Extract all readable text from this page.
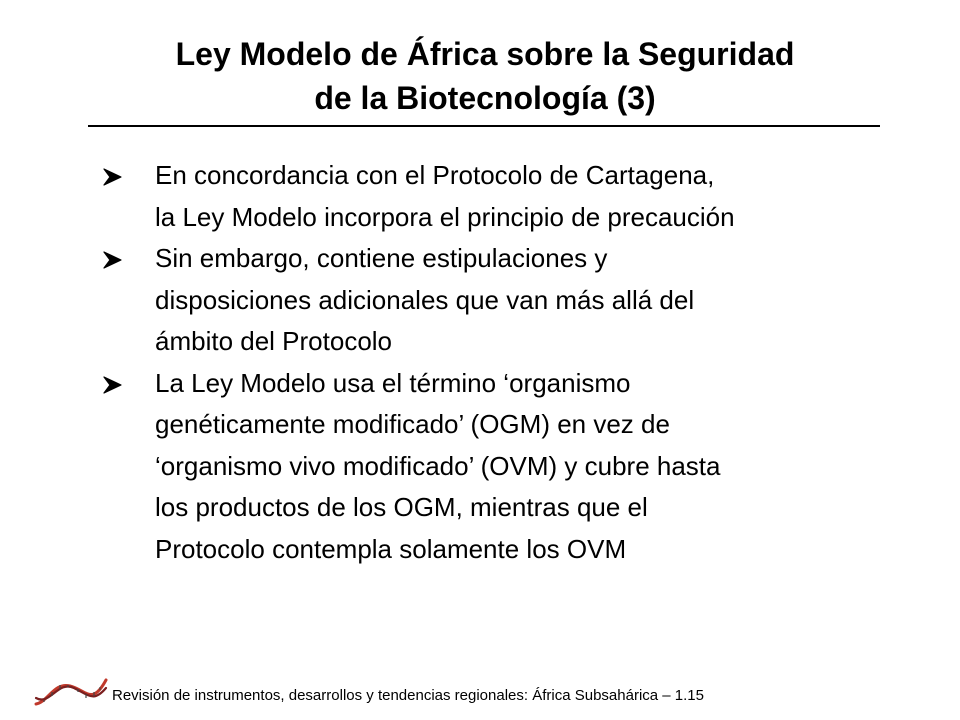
Ley Modelo de África sobre la Seguridad
de la Biotecnología (3)
En concordancia con el Protocolo de Cartagena,
la Ley Modelo incorpora el principio de precaución
Sin embargo, contiene estipulaciones y
disposiciones adicionales que van más allá del
ámbito del Protocolo
La Ley Modelo usa el término ‘organismo
genéticamente modificado’ (OGM) en vez de
‘organismo vivo modificado’ (OVM) y cubre hasta
los productos de los OGM, mientras que el
Protocolo contempla solamente los OVM
Revisión de instrumentos, desarrollos y tendencias regionales: África Subsahárica – 1.15
